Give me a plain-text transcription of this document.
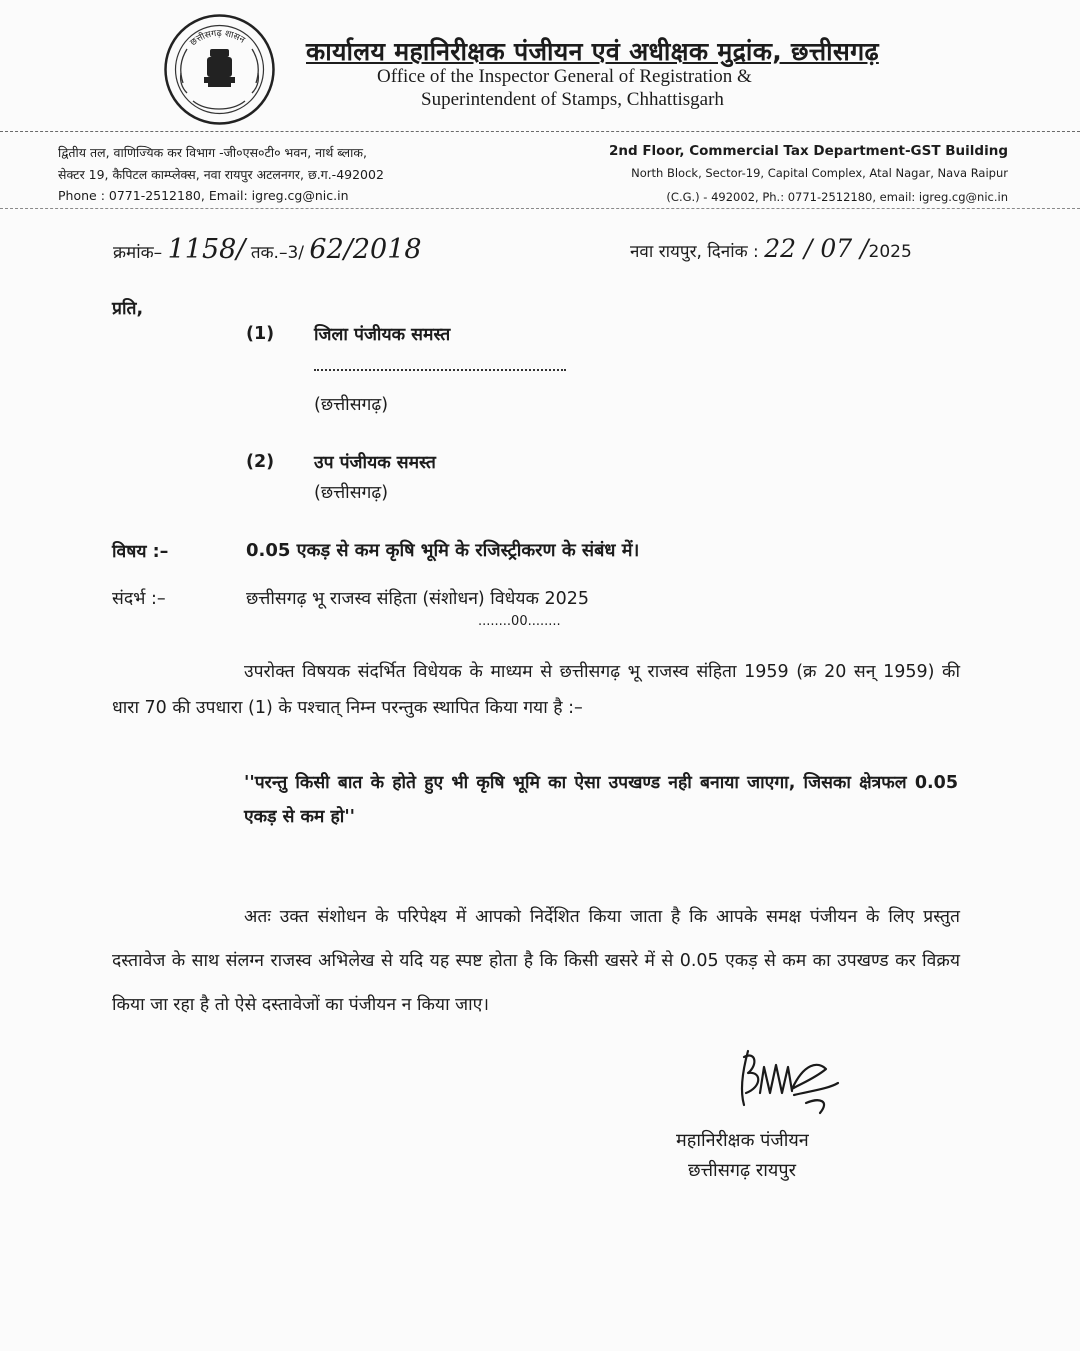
छत्तीसगढ़ शासन कार्यालय महानिरीक्षक पंजीयन एवं अधीक्षक मुद्रांक, छत्तीसगढ़
Office of the Inspector General of Registration &
Superintendent of Stamps, Chhattisgarh
द्वितीय तल, वाणिज्यिक कर विभाग -जी०एस०टी० भवन, नार्थ ब्लाक,
सेक्टर 19, कैपिटल काम्प्लेक्स, नवा रायपुर अटलनगर, छ.ग.-492002
Phone : 0771-2512180, Email: igreg.cg@nic.in
2nd Floor, Commercial Tax Department-GST Building
North Block, Sector-19, Capital Complex, Atal Nagar, Nava Raipur
(C.G.) - 492002, Ph.: 0771-2512180, email: igreg.cg@nic.in
क्रमांक– 1158/ तक.–3/ 62/2018	नवा रायपुर, दिनांक : 22 / 07 /2025
प्रति,
(1) जिला पंजीयक समस्त
(छत्तीसगढ़)
(2) उप पंजीयक समस्त
(छत्तीसगढ़)
विषय :–	0.05 एकड़ से कम कृषि भूमि के रजिस्ट्रीकरण के संबंध में।
संदर्भ :–	छत्तीसगढ़ भू राजस्व संहिता (संशोधन) विधेयक 2025
........00........
उपरोक्त विषयक संदर्भित विधेयक के माध्यम से छत्तीसगढ़ भू राजस्व संहिता 1959 (क्र 20 सन् 1959) की धारा 70 की उपधारा (1) के पश्चात् निम्न परन्तुक स्थापित किया गया है :–
''परन्तु किसी बात के होते हुए भी कृषि भूमि का ऐसा उपखण्ड नही बनाया जाएगा, जिसका क्षेत्रफल 0.05 एकड़ से कम हो''
अतः उक्त संशोधन के परिपेक्ष्य में आपको निर्देशित किया जाता है कि आपके समक्ष पंजीयन के लिए प्रस्तुत दस्तावेज के साथ संलग्न राजस्व अभिलेख से यदि यह स्पष्ट होता है कि किसी खसरे में से 0.05 एकड़ से कम का उपखण्ड कर विक्रय किया जा रहा है तो ऐसे दस्तावेजों का पंजीयन न किया जाए।
महानिरीक्षक पंजीयन
छत्तीसगढ़ रायपुर
